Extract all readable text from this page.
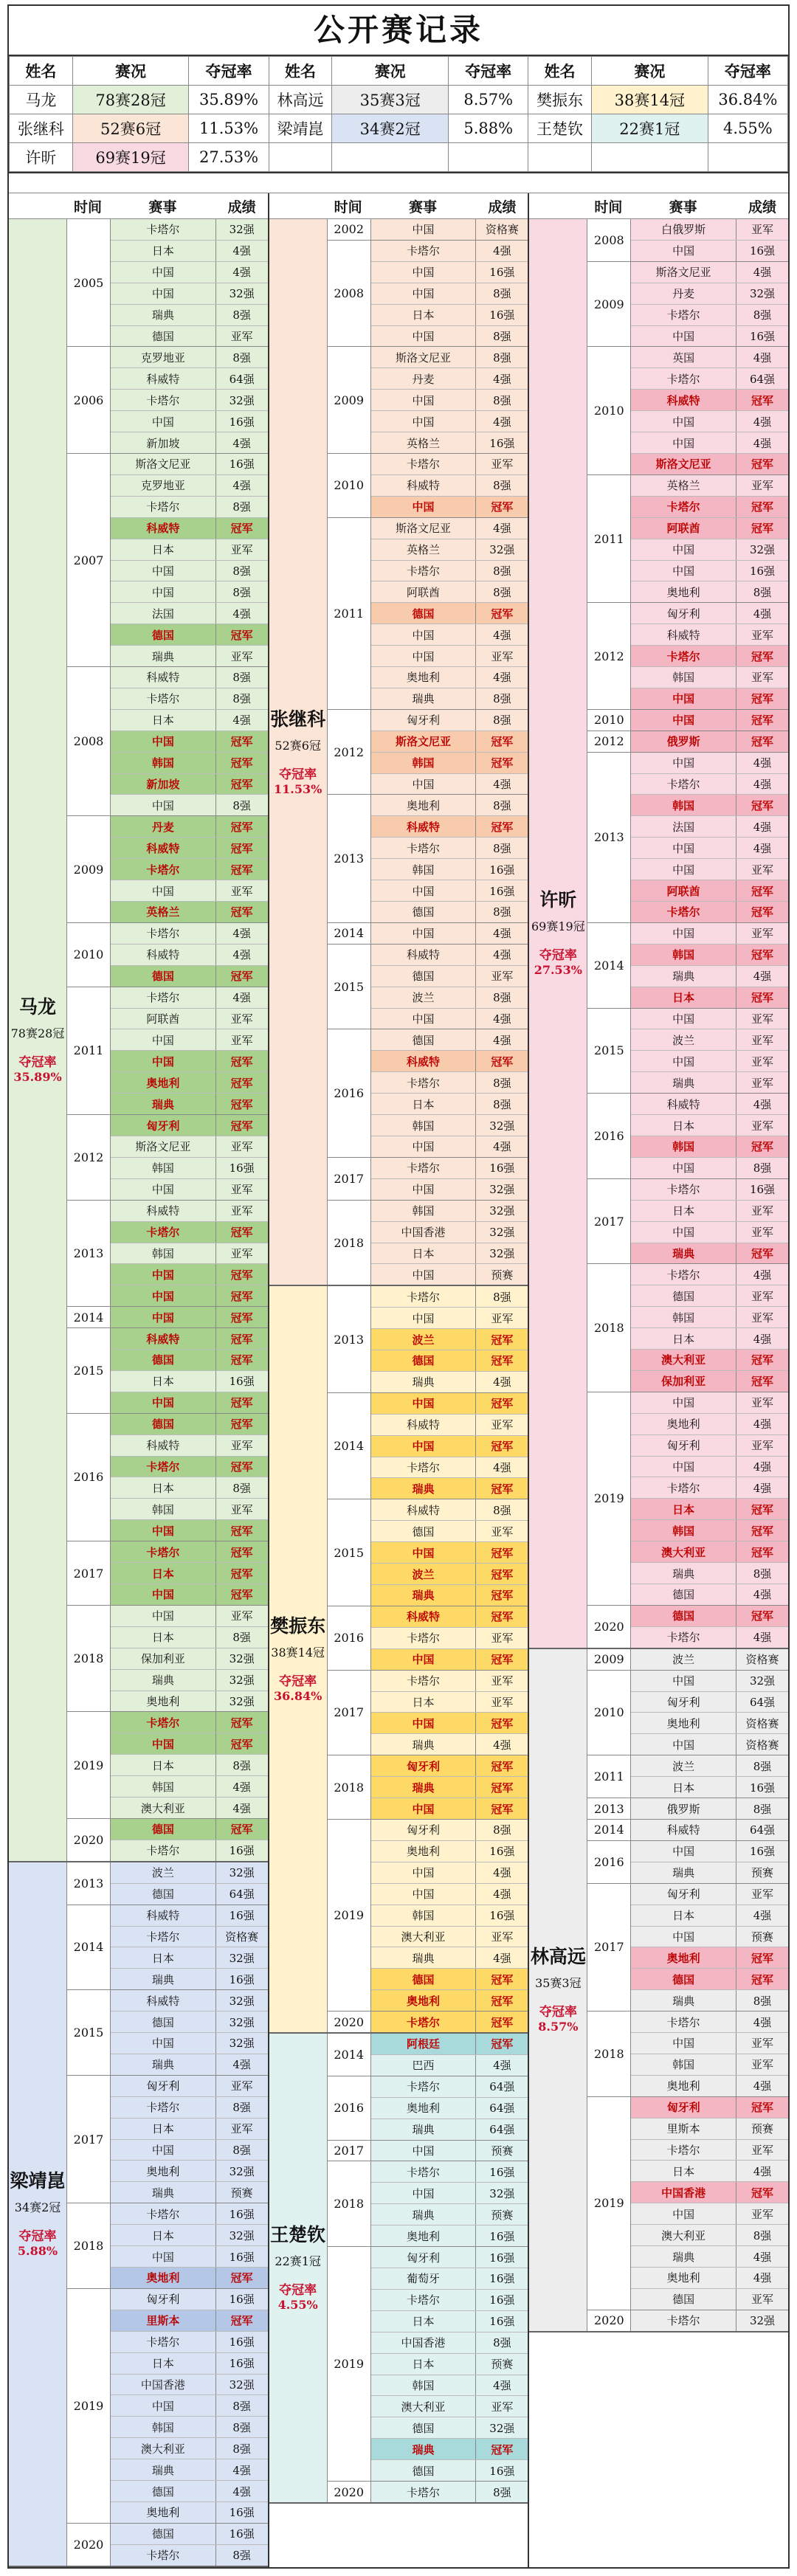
公开赛记录
姓名	赛况	夺冠率	姓名	赛况	夺冠率	姓名	赛况	夺冠率
马龙	78赛28冠	35.89%	林高远	35赛3冠	8.57%	樊振东	38赛14冠	36.84%
张继科	52赛6冠	11.53%	梁靖崑	34赛2冠	5.88%	王楚钦	22赛1冠	4.55%
许昕	69赛19冠	27.53%						
时间	赛事	成绩
马龙
78赛28冠
夺冠率
35.89%
2005
卡塔尔	32强
日本	4强
中国	4强
中国	32强
瑞典	8强
德国	亚军
2006
克罗地亚	8强
科威特	64强
卡塔尔	32强
中国	16强
新加坡	4强
2007
斯洛文尼亚	16强
克罗地亚	4强
卡塔尔	8强
科威特	冠军
日本	亚军
中国	8强
中国	8强
法国	4强
德国	冠军
瑞典	亚军
2008
科威特	8强
卡塔尔	8强
日本	4强
中国	冠军
韩国	冠军
新加坡	冠军
中国	8强
2009
丹麦	冠军
科威特	冠军
卡塔尔	冠军
中国	亚军
英格兰	冠军
2010
卡塔尔	4强
科威特	4强
德国	冠军
2011
卡塔尔	4强
阿联酋	亚军
中国	亚军
中国	冠军
奥地利	冠军
瑞典	冠军
2012
匈牙利	冠军
斯洛文尼亚	亚军
韩国	16强
中国	亚军
2013
科威特	亚军
卡塔尔	冠军
韩国	亚军
中国	冠军
中国	冠军
2014	中国	冠军
2015
科威特	冠军
德国	冠军
日本	16强
中国	冠军
2016
德国	冠军
科威特	亚军
卡塔尔	冠军
日本	8强
韩国	亚军
中国	冠军
2017
卡塔尔	冠军
日本	冠军
中国	冠军
2018
中国	亚军
日本	8强
保加利亚	32强
瑞典	32强
奥地利	32强
2019
卡塔尔	冠军
中国	冠军
日本	8强
韩国	4强
澳大利亚	4强
2020
德国	冠军
卡塔尔	16强
梁靖崑
34赛2冠
夺冠率
5.88%
2013
波兰	32强
德国	64强
2014
科威特	16强
卡塔尔	资格赛
日本	32强
瑞典	16强
2015
科威特	32强
德国	32强
中国	32强
瑞典	4强
2017
匈牙利	亚军
卡塔尔	8强
日本	亚军
中国	8强
奥地利	32强
瑞典	预赛
2018
卡塔尔	16强
日本	32强
中国	16强
奥地利	冠军
2019
匈牙利	16强
里斯本	冠军
卡塔尔	16强
日本	16强
中国香港	32强
中国	8强
韩国	8强
澳大利亚	8强
瑞典	4强
德国	4强
奥地利	16强
2020
德国	16强
卡塔尔	8强
时间	赛事	成绩
张继科
52赛6冠
夺冠率
11.53%
2002	中国	资格赛
2008
卡塔尔	4强
中国	16强
中国	8强
日本	16强
中国	8强
2009
斯洛文尼亚	8强
丹麦	4强
中国	8强
中国	4强
英格兰	16强
2010
卡塔尔	亚军
科威特	8强
中国	冠军
2011
斯洛文尼亚	4强
英格兰	32强
卡塔尔	8强
阿联酋	8强
德国	冠军
中国	4强
中国	亚军
奥地利	4强
瑞典	8强
2012
匈牙利	8强
斯洛文尼亚	冠军
韩国	冠军
中国	4强
2013
奥地利	8强
科威特	冠军
卡塔尔	8强
韩国	16强
中国	16强
德国	8强
2014	中国	4强
2015
科威特	4强
德国	亚军
波兰	8强
中国	4强
2016
德国	4强
科威特	冠军
卡塔尔	8强
日本	8强
韩国	32强
中国	4强
2017
卡塔尔	16强
中国	32强
2018
韩国	32强
中国香港	32强
日本	32强
中国	预赛
樊振东
38赛14冠
夺冠率
36.84%
2013
卡塔尔	8强
中国	亚军
波兰	冠军
德国	冠军
瑞典	4强
2014
中国	冠军
科威特	亚军
中国	冠军
卡塔尔	4强
瑞典	冠军
2015
科威特	8强
德国	亚军
中国	冠军
波兰	冠军
瑞典	冠军
2016
科威特	冠军
卡塔尔	亚军
中国	冠军
2017
卡塔尔	亚军
日本	亚军
中国	冠军
瑞典	4强
2018
匈牙利	冠军
瑞典	冠军
中国	冠军
2019
匈牙利	8强
奥地利	16强
中国	4强
中国	4强
韩国	16强
澳大利亚	亚军
瑞典	4强
德国	冠军
奥地利	冠军
2020	卡塔尔	冠军
王楚钦
22赛1冠
夺冠率
4.55%
2014
阿根廷	冠军
巴西	4强
2016
卡塔尔	64强
奥地利	64强
瑞典	64强
2017	中国	预赛
2018
卡塔尔	16强
中国	32强
瑞典	预赛
奥地利	16强
2019
匈牙利	16强
葡萄牙	16强
卡塔尔	16强
日本	16强
中国香港	8强
日本	预赛
韩国	4强
澳大利亚	亚军
德国	32强
瑞典	冠军
德国	16强
2020	卡塔尔	8强
时间	赛事	成绩
许昕
69赛19冠
夺冠率
27.53%
2008
白俄罗斯	亚军
中国	16强
2009
斯洛文尼亚	4强
丹麦	32强
卡塔尔	8强
中国	16强
2010
英国	4强
卡塔尔	64强
科威特	冠军
中国	4强
中国	4强
斯洛文尼亚	冠军
2011
英格兰	亚军
卡塔尔	冠军
阿联酋	冠军
中国	32强
中国	16强
奥地利	8强
2012
匈牙利	4强
科威特	亚军
卡塔尔	冠军
韩国	亚军
中国	冠军
2010	中国	冠军
2012	俄罗斯	冠军
2013
中国	4强
卡塔尔	4强
韩国	冠军
法国	4强
中国	4强
中国	亚军
阿联酋	冠军
卡塔尔	冠军
2014
中国	亚军
韩国	冠军
瑞典	4强
日本	冠军
2015
中国	亚军
波兰	亚军
中国	亚军
瑞典	亚军
2016
科威特	4强
日本	亚军
韩国	冠军
中国	8强
2017
卡塔尔	16强
日本	亚军
中国	亚军
瑞典	冠军
2018
卡塔尔	4强
德国	亚军
韩国	亚军
日本	4强
澳大利亚	冠军
保加利亚	冠军
2019
中国	亚军
奥地利	4强
匈牙利	亚军
中国	4强
卡塔尔	4强
日本	冠军
韩国	冠军
澳大利亚	冠军
瑞典	8强
德国	4强
2020
德国	冠军
卡塔尔	4强
林高远
35赛3冠
夺冠率
8.57%
2009	波兰	资格赛
2010
中国	32强
匈牙利	64强
奥地利	资格赛
中国	资格赛
2011
波兰	8强
日本	16强
2013	俄罗斯	8强
2014	科威特	64强
2016
中国	16强
瑞典	预赛
2017
匈牙利	亚军
日本	4强
中国	预赛
奥地利	冠军
德国	冠军
瑞典	8强
2018
卡塔尔	4强
中国	亚军
韩国	亚军
奥地利	4强
2019
匈牙利	冠军
里斯本	预赛
卡塔尔	亚军
日本	4强
中国香港	冠军
中国	亚军
澳大利亚	8强
瑞典	4强
奥地利	4强
德国	亚军
2020	卡塔尔	32强
